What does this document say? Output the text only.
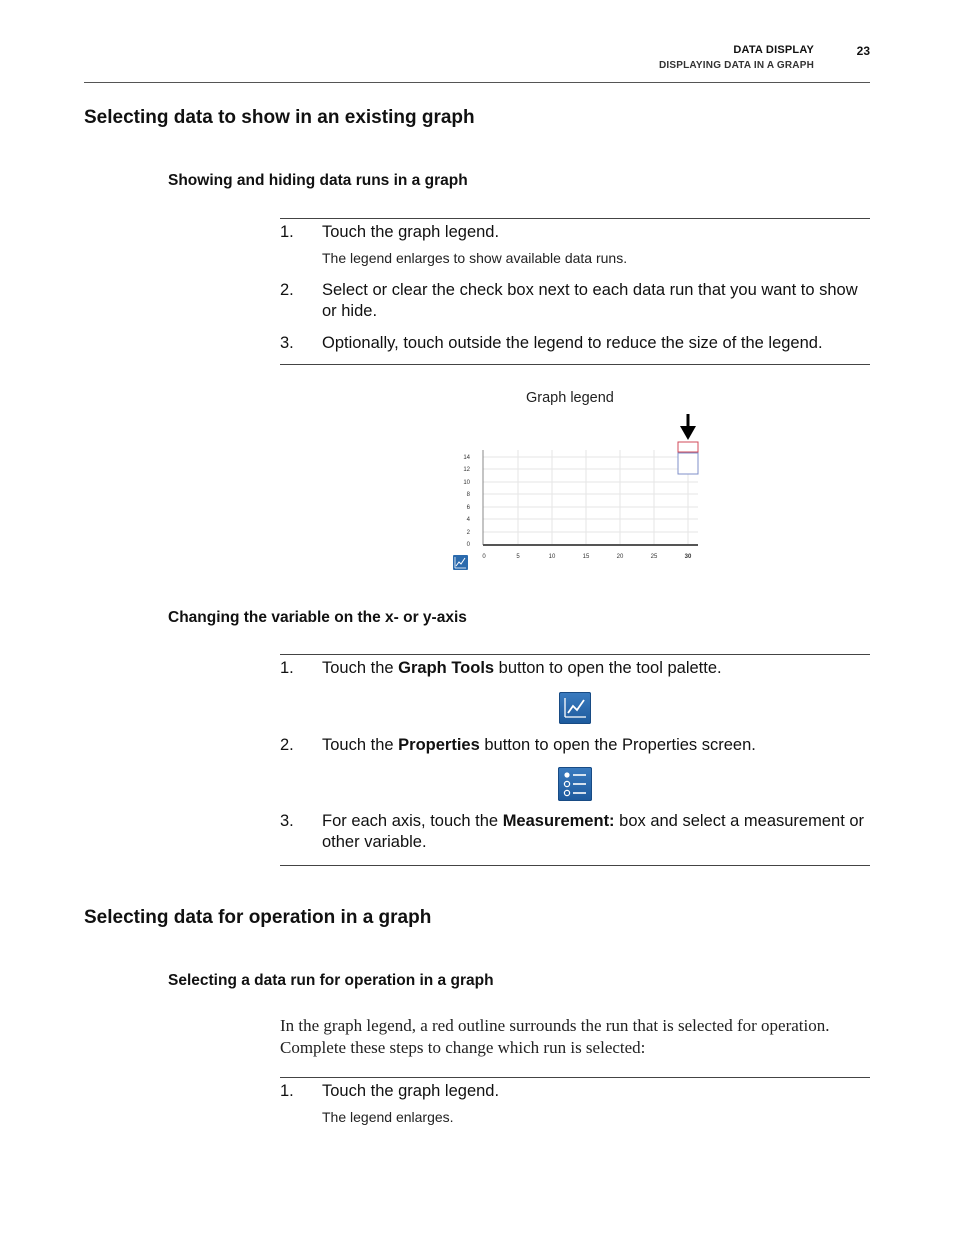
DATA DISPLAY
DISPLAYING DATA IN A GRAPH
23
Selecting data to show in an existing graph
Showing and hiding data runs in a graph
1.	Touch the graph legend.
The legend enlarges to show available data runs.
2.	Select or clear the check box next to each data run that you want to show or hide.
3.	Optionally, touch outside the legend to reduce the size of the legend.
Graph legend
14
12
10
8
6
4
2
0
0	5	10	15	20	25	30
Changing the variable on the x- or y-axis
1.	Touch the Graph Tools button to open the tool palette.
2.	Touch the Properties button to open the Properties screen.
3.	For each axis, touch the Measurement: box and select a measurement or other variable.
Selecting data for operation in a graph
Selecting a data run for operation in a graph
In the graph legend, a red outline surrounds the run that is selected for operation. Complete these steps to change which run is selected:
1.	Touch the graph legend.
The legend enlarges.
